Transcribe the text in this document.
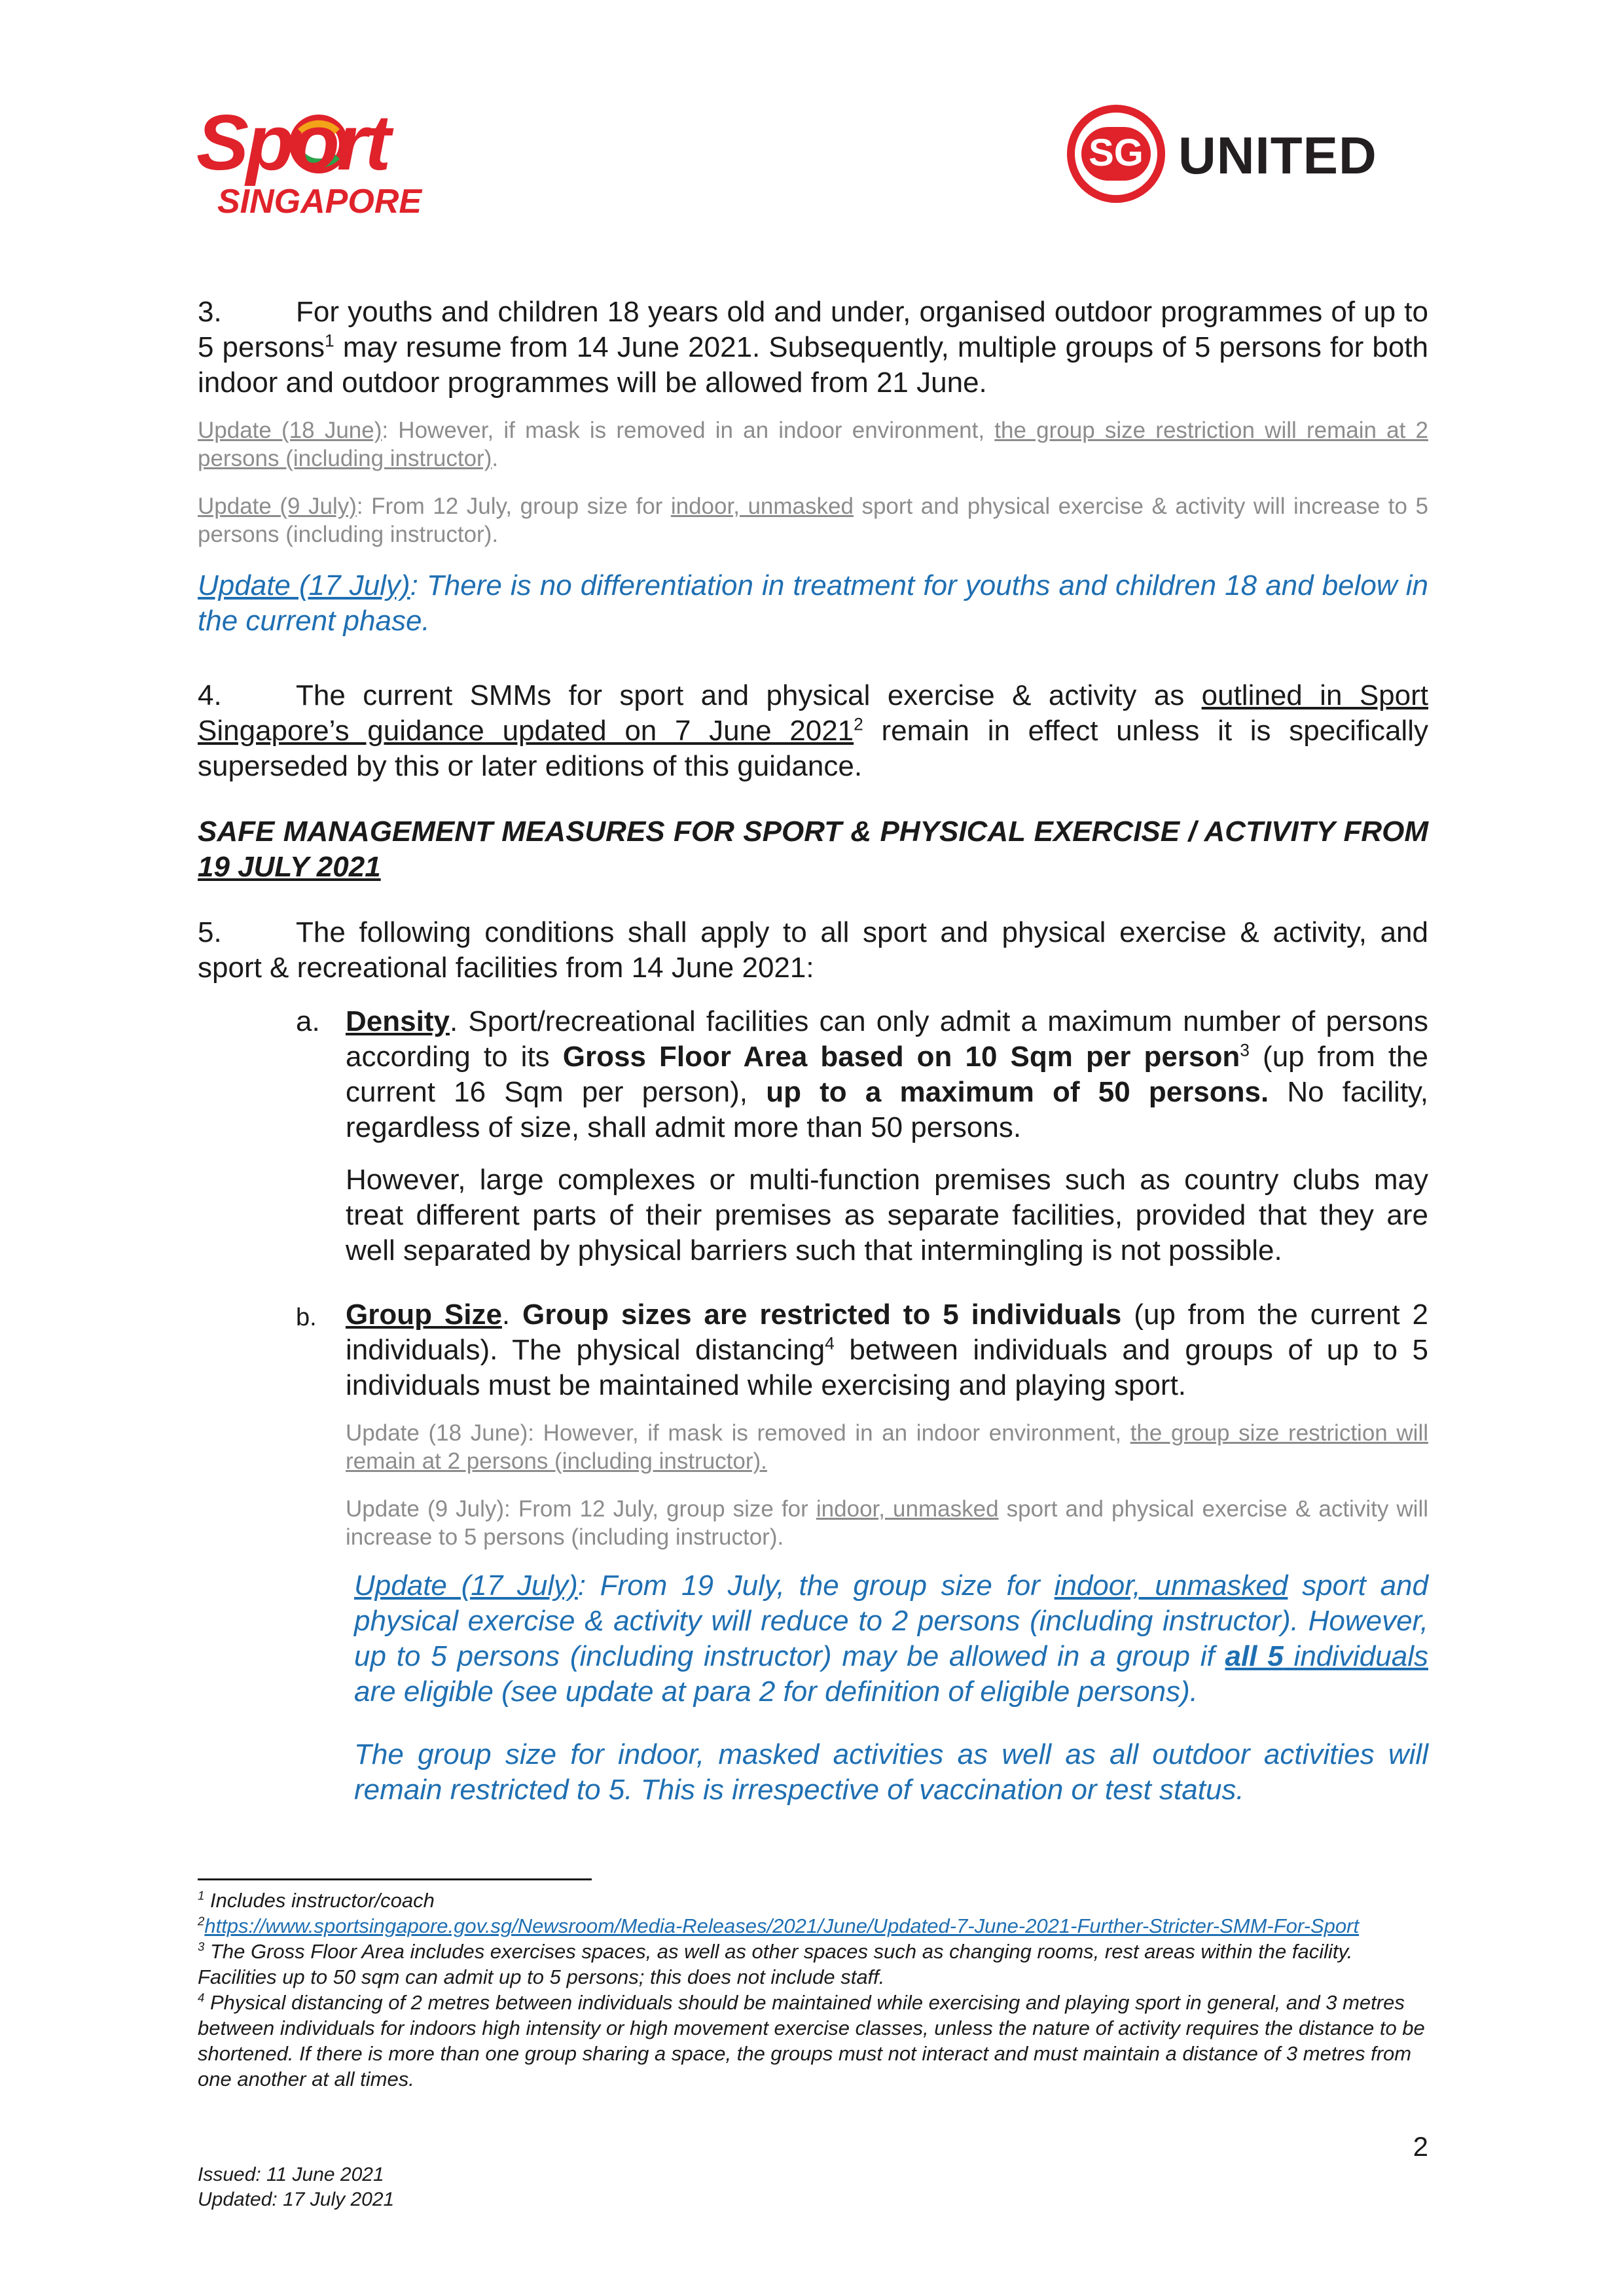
Sport
SINGAPORE
SG UNITED

3.	For youths and children 18 years old and under, organised outdoor programmes of up to 5 persons$^1$ may resume from 14 June 2021. Subsequently, multiple groups of 5 persons for both indoor and outdoor programmes will be allowed from 21 June.

Update (18 June): However, if mask is removed in an indoor environment, the group size restriction will remain at 2 persons (including instructor).

Update (9 July): From 12 July, group size for indoor, unmasked sport and physical exercise & activity will increase to 5 persons (including instructor).

Update (17 July): There is no differentiation in treatment for youths and children 18 and below in the current phase.

4.	The current SMMs for sport and physical exercise & activity as outlined in Sport Singapore’s guidance updated on 7 June 2021$^2$ remain in effect unless it is specifically superseded by this or later editions of this guidance.

SAFE MANAGEMENT MEASURES FOR SPORT & PHYSICAL EXERCISE / ACTIVITY FROM 19 JULY 2021

5.	The following conditions shall apply to all sport and physical exercise & activity, and sport & recreational facilities from 14 June 2021:

a. Density. Sport/recreational facilities can only admit a maximum number of persons according to its Gross Floor Area based on 10 Sqm per person$^3$ (up from the current 16 Sqm per person), up to a maximum of 50 persons. No facility, regardless of size, shall admit more than 50 persons.

However, large complexes or multi-function premises such as country clubs may treat different parts of their premises as separate facilities, provided that they are well separated by physical barriers such that intermingling is not possible.

b. Group Size. Group sizes are restricted to 5 individuals (up from the current 2 individuals). The physical distancing$^4$ between individuals and groups of up to 5 individuals must be maintained while exercising and playing sport.

Update (18 June): However, if mask is removed in an indoor environment, the group size restriction will remain at 2 persons (including instructor).

Update (9 July): From 12 July, group size for indoor, unmasked sport and physical exercise & activity will increase to 5 persons (including instructor).

Update (17 July): From 19 July, the group size for indoor, unmasked sport and physical exercise & activity will reduce to 2 persons (including instructor). However, up to 5 persons (including instructor) may be allowed in a group if all 5 individuals are eligible (see update at para 2 for definition of eligible persons).

The group size for indoor, masked activities as well as all outdoor activities will remain restricted to 5. This is irrespective of vaccination or test status.

$^1$ Includes instructor/coach

$^2$https://www.sportsingapore.gov.sg/Newsroom/Media-Releases/2021/June/Updated-7-June-2021-Further-Stricter-SMM-For-Sport

$^3$ The Gross Floor Area includes exercises spaces, as well as other spaces such as changing rooms, rest areas within the facility. Facilities up to 50 sqm can admit up to 5 persons; this does not include staff.

$^4$ Physical distancing of 2 metres between individuals should be maintained while exercising and playing sport in general, and 3 metres between individuals for indoors high intensity or high movement exercise classes, unless the nature of activity requires the distance to be shortened. If there is more than one group sharing a space, the groups must not interact and must maintain a distance of 3 metres from one another at all times.

2
Issued: 11 June 2021
Updated: 17 July 2021
